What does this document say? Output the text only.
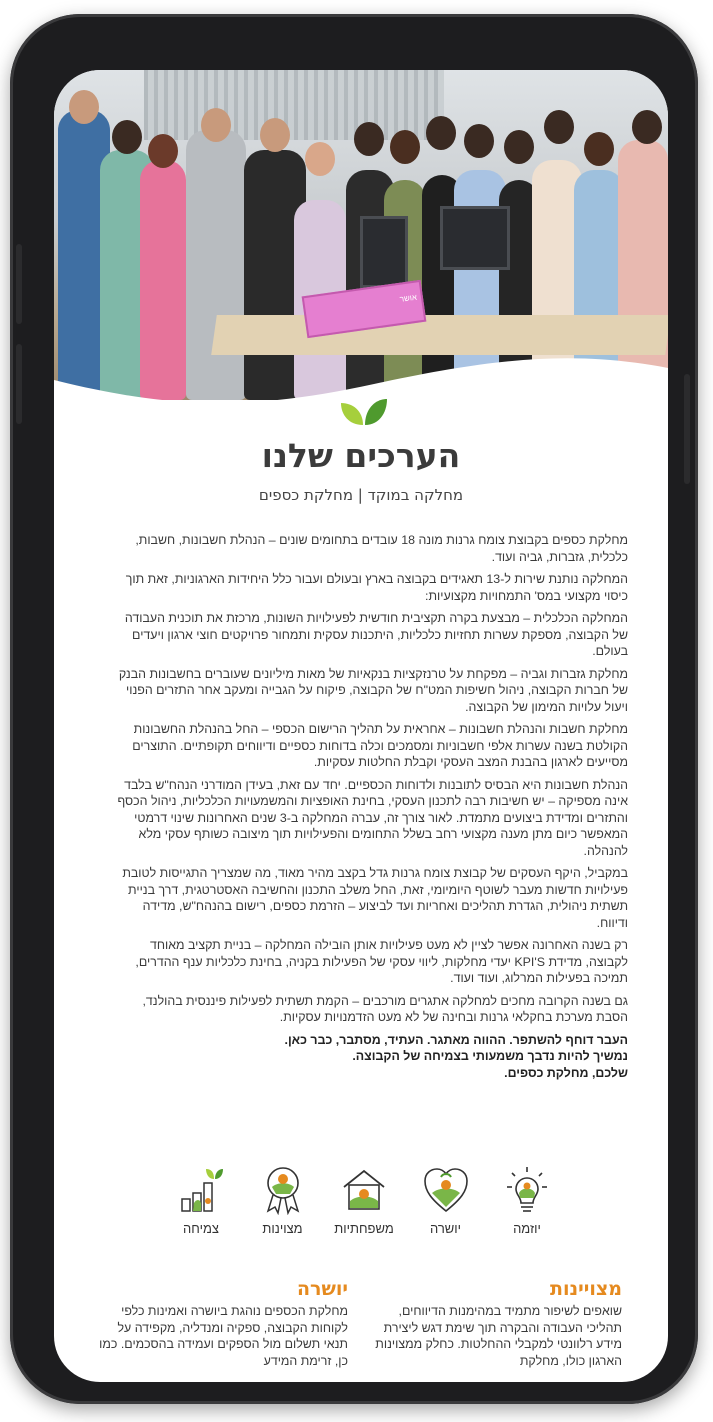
אושר
הערכים שלנו
מחלקה במוקד | מחלקת כספים

מחלקת כספים בקבוצת צומח גרנות מונה 18 עובדים בתחומים שונים – הנהלת חשבונות, חשבות, כלכלית, גזברות, גביה ועוד.

המחלקה נותנת שירות ל-13 תאגידים בקבוצה בארץ ובעולם ועבור כלל היחידות הארגוניות, זאת תוך כיסוי מקצועי במס' התמחויות מקצועיות:

המחלקה הכלכלית – מבצעת בקרה תקציבית חודשית לפעילויות השונות, מרכזת את תוכנית העבודה של הקבוצה, מספקת עשרות תחזיות כלכליות, היתכנות עסקית ותמחור פרויקטים חוצי ארגון ויעדים בעולם.

מחלקת גזברות וגביה – מפקחת על טרנזקציות בנקאיות של מאות מיליונים שעוברים בחשבונות הבנק של חברות הקבוצה, ניהול חשיפות המט"ח של הקבוצה, פיקוח על הגבייה ומעקב אחר התזרים הפנוי ויעול עלויות המימון של הקבוצה.

מחלקת חשבות והנהלת חשבונות – אחראית על תהליך הרישום הכספי – החל בהנהלת החשבונות הקולטת בשנה עשרות אלפי חשבוניות ומסמכים וכלה בדוחות כספיים ודיווחים תקופתיים. התוצרים מסייעים לארגון בהבנת המצב העסקי וקבלת החלטות עסקיות.

הנהלת חשבונות היא הבסיס לתובנות ולדוחות הכספיים. יחד עם זאת, בעידן המודרני הנהח"ש בלבד אינה מספיקה – יש חשיבות רבה לתכנון העסקי, בחינת האופציות והמשמעויות הכלכליות, ניהול הכסף והתזרים ומדידת ביצועים מתמדת. לאור צורך זה, עברה המחלקה ב-3 שנים האחרונות שינוי דרמטי המאפשר כיום מתן מענה מקצועי רחב בשלל התחומים והפעילויות תוך מיצובה כשותף עסקי מלא להנהלה.

במקביל, היקף העסקים של קבוצת צומח גרנות גדל בקצב מהיר מאוד, מה שמצריך התגייסות לטובת פעילויות חדשות מעבר לשוטף היומיומי, זאת, החל משלב התכנון והחשיבה האסטרטגית, דרך בניית תשתית ניהולית, הגדרת תהליכים ואחריות ועד לביצוע – הזרמת כספים, רישום בהנהח"ש, מדידה ודיווח.

רק בשנה האחרונה אפשר לציין לא מעט פעילויות אותן הובילה המחלקה – בניית תקציב מאוחד לקבוצה, מדידת KPI'S יעדי מחלקות, ליווי עסקי של הפעילות בקניה, בחינת כלכליות ענף ההדרים, תמיכה בפעילות המרלוג, ועוד ועוד.

גם בשנה הקרובה מחכים למחלקה אתגרים מורכבים – הקמת תשתית לפעילות פיננסית בהולנד, הסבת מערכת בחקלאי גרנות ובחינה של לא מעט הזדמנויות עסקיות.

העבר דוחף להשתפר. ההווה מאתגר. העתיד, מסתבר, כבר כאן.

נמשיך להיות נדבך משמעותי בצמיחה של הקבוצה.

שלכם, מחלקת כספים.

יוזמה
יושרה
משפחתיות
מצוינות
צמיחה
מצויינות

שואפים לשיפור מתמיד במהימנות הדיווחים, תהליכי העבודה והבקרה תוך שימת דגש ליצירת מידע רלוונטי למקבלי ההחלטות. כחלק ממצוינות הארגון כולו, מחלקת

יושרה

מחלקת הכספים נוהגת ביושרה ואמינות כלפי לקוחות הקבוצה, ספקיה ומנדליה, מקפידה על תנאי תשלום מול הספקים ועמידה בהסכמים. כמו כן, זרימת המידע
